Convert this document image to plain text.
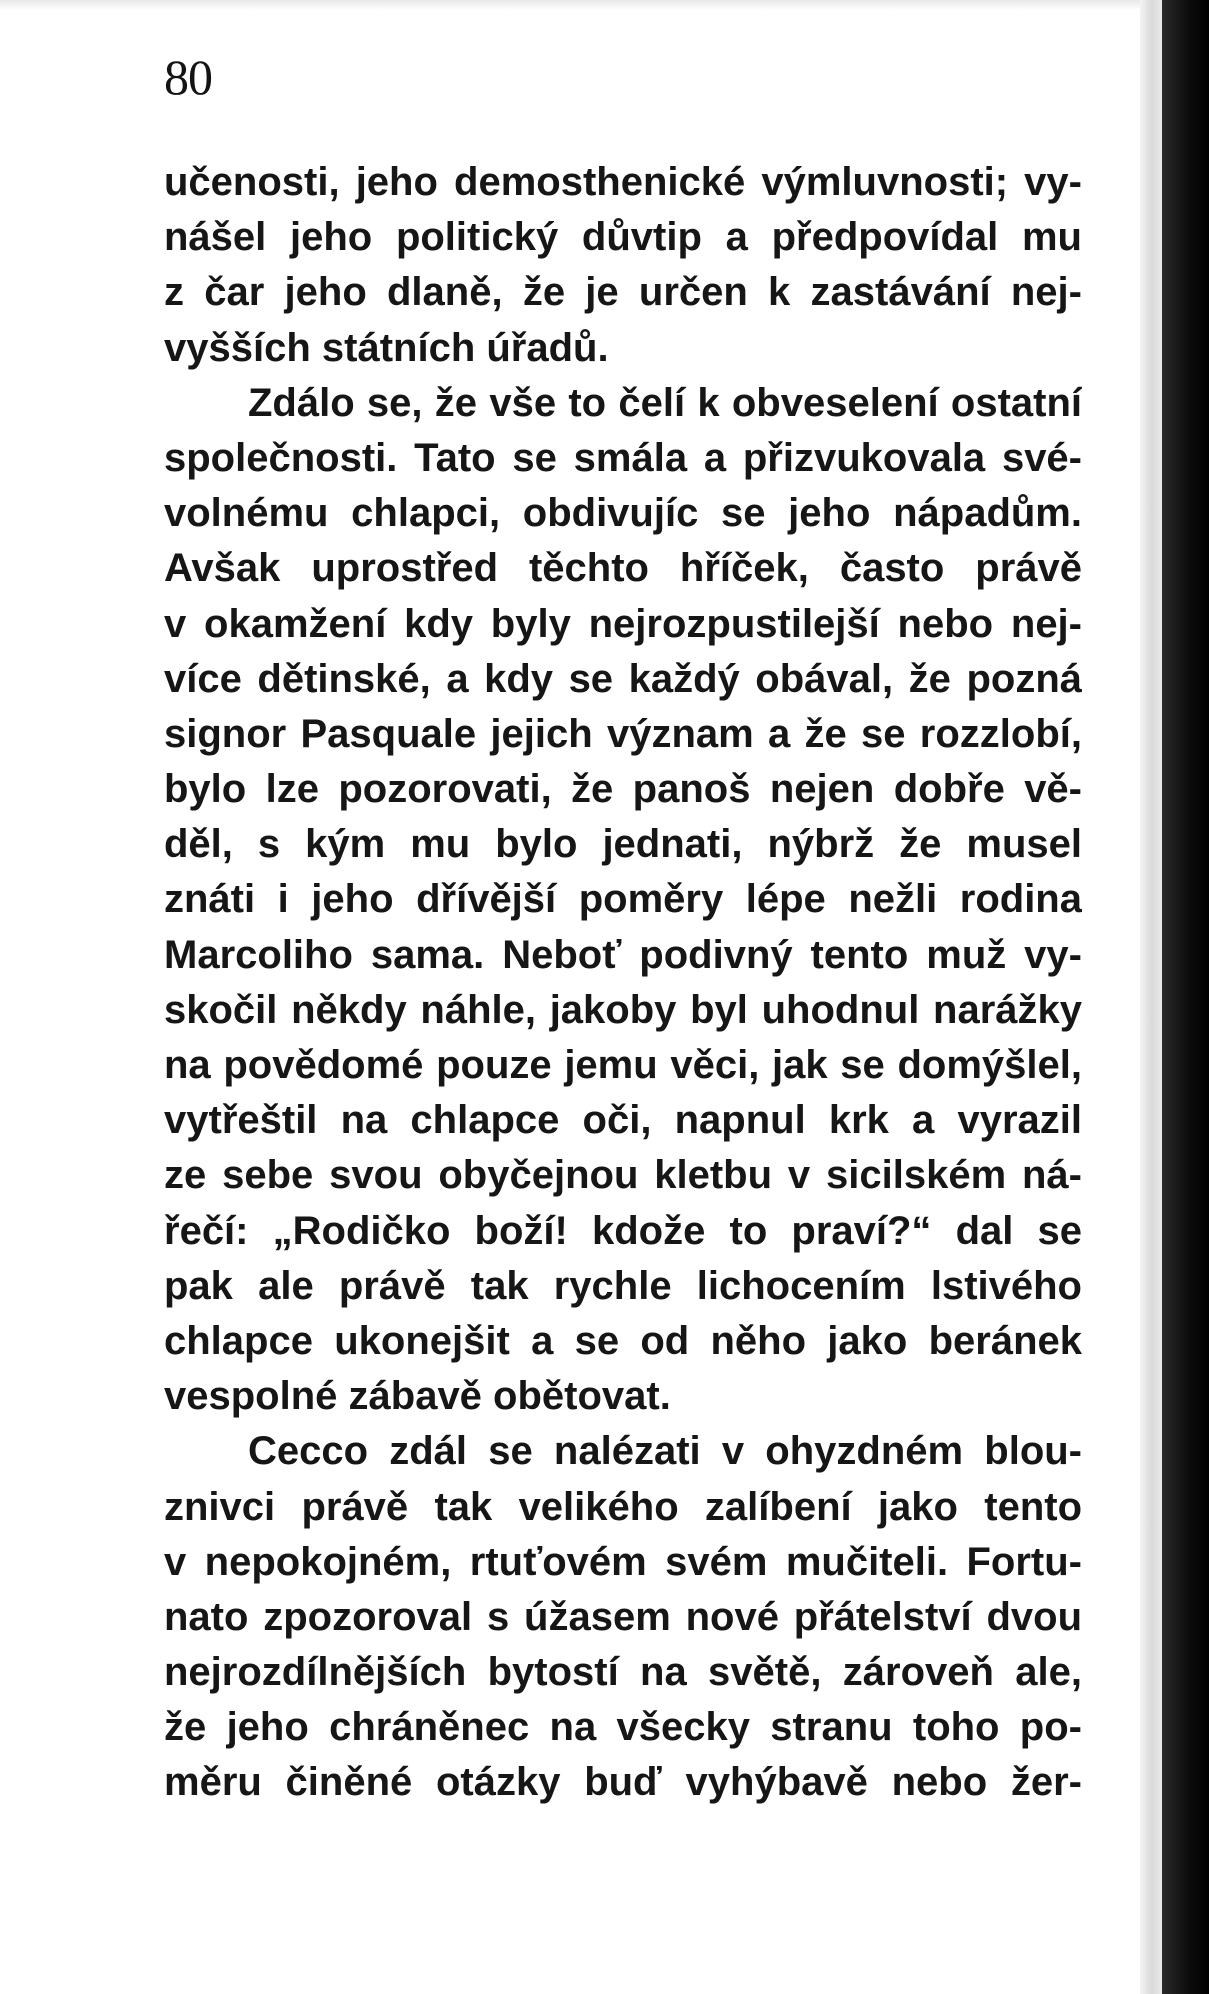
80
učenosti, jeho demosthenické výmluvnosti; vy-
nášel jeho politický důvtip a předpovídal mu
z čar jeho dlaně, že je určen k zastávání nej-
vyšších státních úřadů.
Zdálo se, že vše to čelí k obveselení ostatní
společnosti. Tato se smála a přizvukovala své-
volnému chlapci, obdivujíc se jeho nápadům.
Avšak uprostřed těchto hříček, často právě
v okamžení kdy byly nejrozpustilejší nebo nej-
více dětinské, a kdy se každý obával, že pozná
signor Pasquale jejich význam a že se rozzlobí,
bylo lze pozorovati, že panoš nejen dobře vě-
děl, s kým mu bylo jednati, nýbrž že musel
znáti i jeho dřívější poměry lépe nežli rodina
Marcoliho sama. Neboť podivný tento muž vy-
skočil někdy náhle, jakoby byl uhodnul narážky
na povědomé pouze jemu věci, jak se domýšlel,
vytřeštil na chlapce oči, napnul krk a vyrazil
ze sebe svou obyčejnou kletbu v sicilském ná-
řečí: „Rodičko boží! kdože to praví?“ dal se
pak ale právě tak rychle lichocením lstivého
chlapce ukonejšit a se od něho jako beránek
vespolné zábavě obětovat.
Cecco zdál se nalézati v ohyzdném blou-
znivci právě tak velikého zalíbení jako tento
v nepokojném, rtuťovém svém mučiteli. Fortu-
nato zpozoroval s úžasem nové přátelství dvou
nejrozdílnějších bytostí na světě, zároveň ale,
že jeho chráněnec na všecky stranu toho po-
měru činěné otázky buď vyhýbavě nebo žer-
